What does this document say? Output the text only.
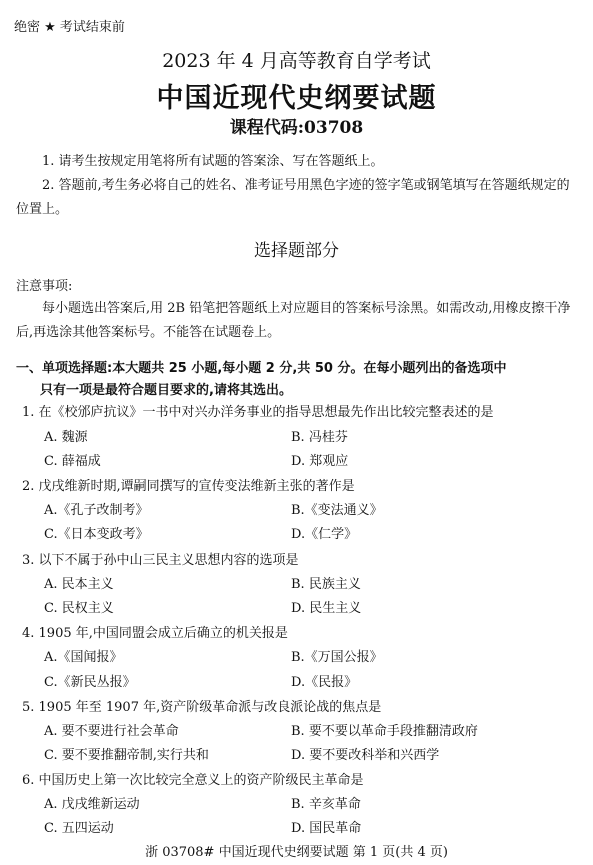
绝密 ★ 考试结束前
2023 年 4 月高等教育自学考试
中国近现代史纲要试题
课程代码:03708
1. 请考生按规定用笔将所有试题的答案涂、写在答题纸上。
2. 答题前,考生务必将自己的姓名、准考证号用黑色字迹的签字笔或钢笔填写在答题纸规定的位置上。
选择题部分
注意事项:
每小题选出答案后,用 2B 铅笔把答题纸上对应题目的答案标号涂黑。如需改动,用橡皮擦干净后,再选涂其他答案标号。不能答在试题卷上。
一、单项选择题:本大题共 25 小题,每小题 2 分,共 50 分。在每小题列出的备选项中
只有一项是最符合题目要求的,请将其选出。
1. 在《校邠庐抗议》一书中对兴办洋务事业的指导思想最先作出比较完整表述的是
A. 魏源	B. 冯桂芬
C. 薛福成	D. 郑观应
2. 戊戌维新时期,谭嗣同撰写的宣传变法维新主张的著作是
A.《孔子改制考》	B.《变法通义》
C.《日本变政考》	D.《仁学》
3. 以下不属于孙中山三民主义思想内容的选项是
A. 民本主义	B. 民族主义
C. 民权主义	D. 民生主义
4. 1905 年,中国同盟会成立后确立的机关报是
A.《国闻报》	B.《万国公报》
C.《新民丛报》	D.《民报》
5. 1905 年至 1907 年,资产阶级革命派与改良派论战的焦点是
A. 要不要进行社会革命	B. 要不要以革命手段推翻清政府
C. 要不要推翻帝制,实行共和	D. 要不要改科举和兴西学
6. 中国历史上第一次比较完全意义上的资产阶级民主革命是
A. 戊戌维新运动	B. 辛亥革命
C. 五四运动	D. 国民革命
浙 03708# 中国近现代史纲要试题 第 1 页(共 4 页)
